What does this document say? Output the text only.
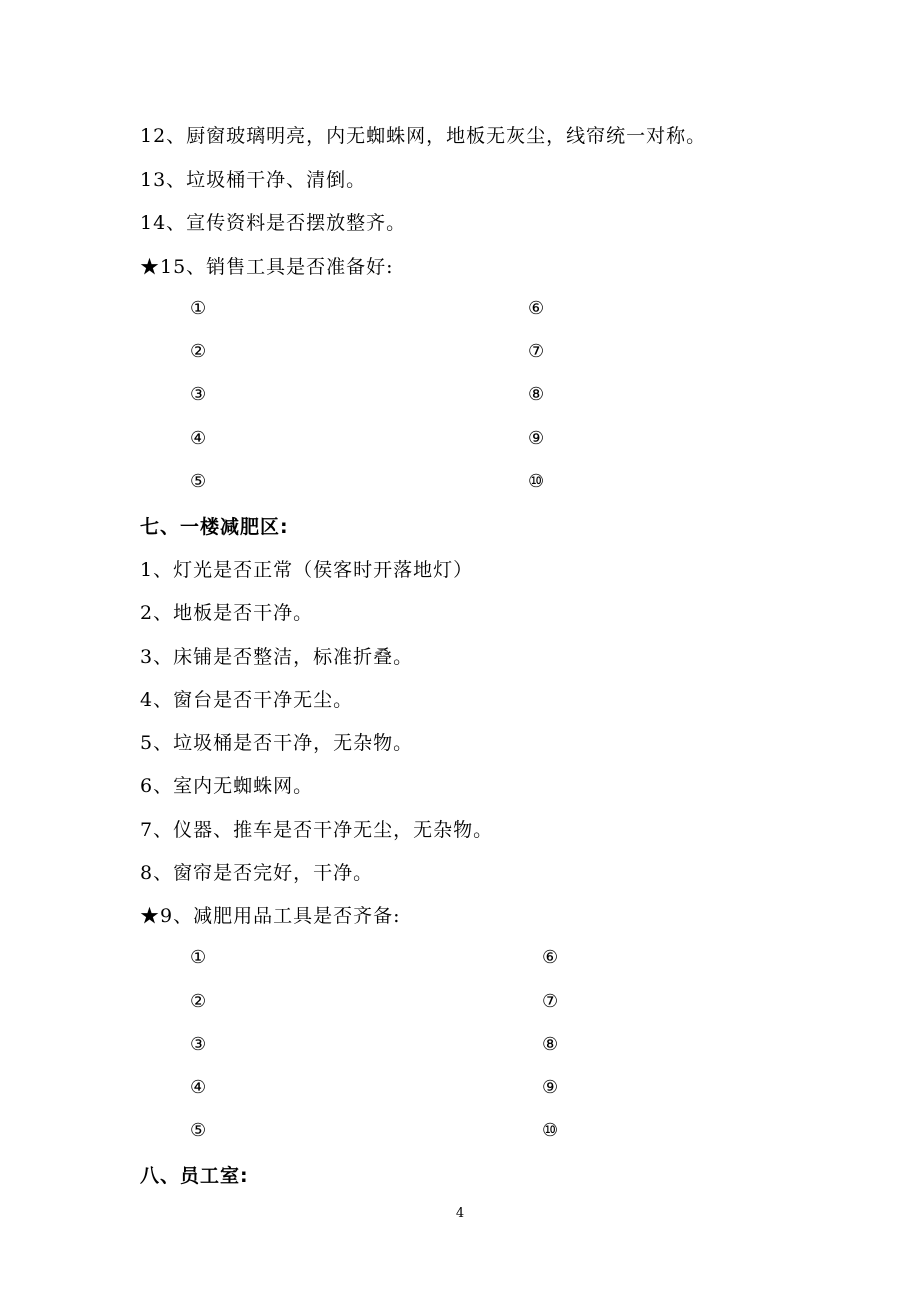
12、厨窗玻璃明亮，内无蜘蛛网，地板无灰尘，线帘统一对称。
13、垃圾桶干净、清倒。
14、宣传资料是否摆放整齐。
★15、销售工具是否准备好:
①
②
③
④
⑤
⑥
⑦
⑧
⑨
⑩
七、一楼减肥区:
1、灯光是否正常（侯客时开落地灯）
2、地板是否干净。
3、床铺是否整洁，标准折叠。
4、窗台是否干净无尘。
5、垃圾桶是否干净，无杂物。
6、室内无蜘蛛网。
7、仪器、推车是否干净无尘，无杂物。
8、窗帘是否完好，干净。
★9、减肥用品工具是否齐备:
①
②
③
④
⑤
⑥
⑦
⑧
⑨
⑩
八、员工室:
4
